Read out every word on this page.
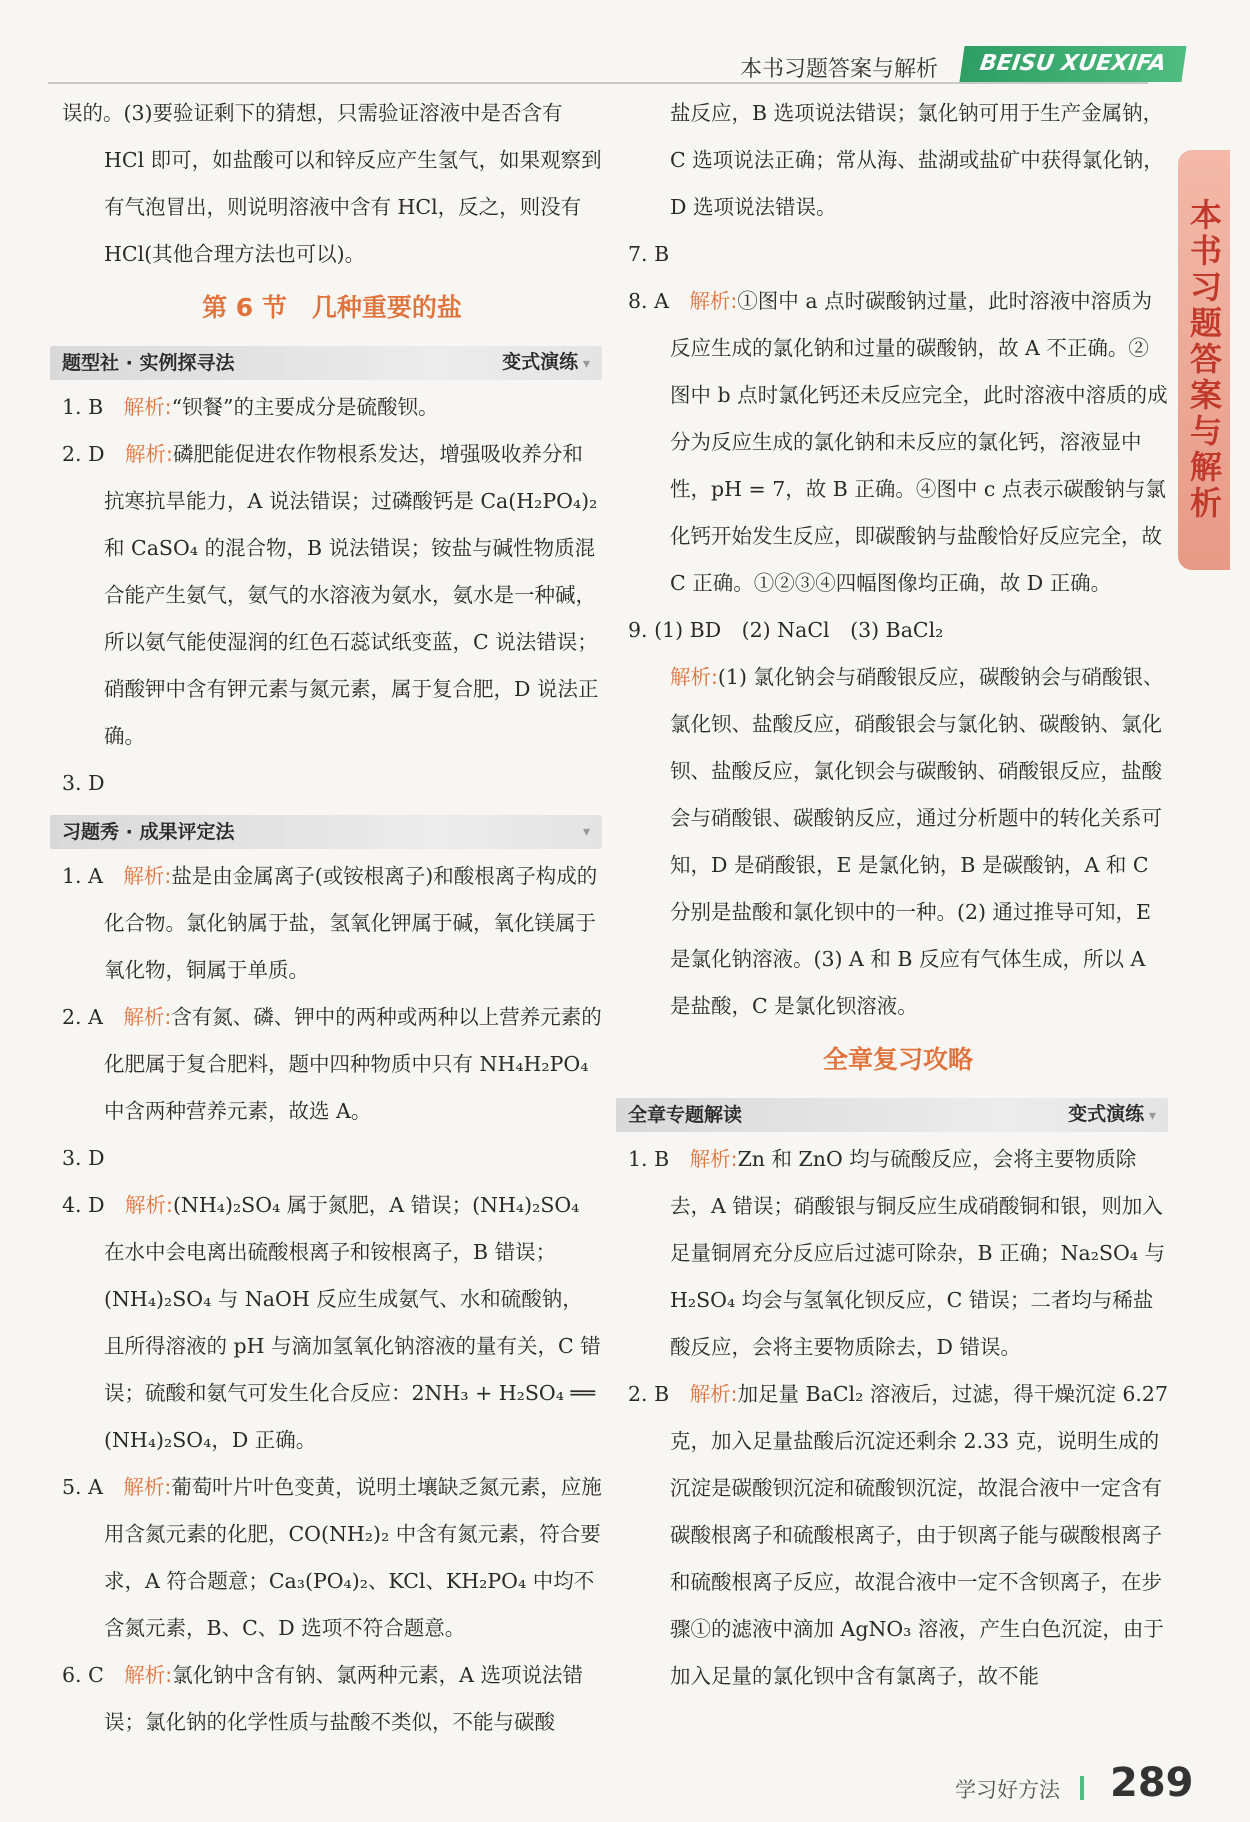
本书习题答案与解析	BEISU XUEXIFA
本书习题答案与解析

误的。(3)要验证剩下的猜想，只需验证溶液中是否含有 HCl 即可，如盐酸可以和锌反应产生氢气，如果观察到有气泡冒出，则说明溶液中含有 HCl，反之，则没有 HCl(其他合理方法也可以)。

第 6 节　几种重要的盐
题型社 · 实例探寻法	变式演练 ▾

1. B　 解析:“钡餐”的主要成分是硫酸钡。

2. D　 解析:磷肥能促进农作物根系发达，增强吸收养分和抗寒抗旱能力，A 说法错误；过磷酸钙是 Ca(H₂PO₄)₂ 和 CaSO₄ 的混合物，B 说法错误；铵盐与碱性物质混合能产生氨气，氨气的水溶液为氨水，氨水是一种碱，所以氨气能使湿润的红色石蕊试纸变蓝，C 说法错误；硝酸钾中含有钾元素与氮元素，属于复合肥，D 说法正确。

3. D

习题秀 · 成果评定法	▾

1. A　 解析:盐是由金属离子(或铵根离子)和酸根离子构成的化合物。氯化钠属于盐，氢氧化钾属于碱，氧化镁属于氧化物，铜属于单质。

2. A　 解析:含有氮、磷、钾中的两种或两种以上营养元素的化肥属于复合肥料，题中四种物质中只有 NH₄H₂PO₄ 中含两种营养元素，故选 A。

3. D

4. D　 解析:(NH₄)₂SO₄ 属于氮肥，A 错误；(NH₄)₂SO₄ 在水中会电离出硫酸根离子和铵根离子，B 错误；(NH₄)₂SO₄ 与 NaOH 反应生成氨气、水和硫酸钠，且所得溶液的 pH 与滴加氢氧化钠溶液的量有关，C 错误；硫酸和氨气可发生化合反应：2NH₃ + H₂SO₄ ══ (NH₄)₂SO₄，D 正确。

5. A　 解析:葡萄叶片叶色变黄，说明土壤缺乏氮元素，应施用含氮元素的化肥，CO(NH₂)₂ 中含有氮元素，符合要求，A 符合题意；Ca₃(PO₄)₂、KCl、KH₂PO₄ 中均不含氮元素，B、C、D 选项不符合题意。

6. C　 解析:氯化钠中含有钠、氯两种元素，A 选项说法错误；氯化钠的化学性质与盐酸不类似，不能与碳酸

盐反应，B 选项说法错误；氯化钠可用于生产金属钠，C 选项说法正确；常从海、盐湖或盐矿中获得氯化钠，D 选项说法错误。

7. B

8. A　 解析:①图中 a 点时碳酸钠过量，此时溶液中溶质为反应生成的氯化钠和过量的碳酸钠，故 A 不正确。②图中 b 点时氯化钙还未反应完全，此时溶液中溶质的成分为反应生成的氯化钠和未反应的氯化钙，溶液显中性，pH = 7，故 B 正确。④图中 c 点表示碳酸钠与氯化钙开始发生反应，即碳酸钠与盐酸恰好反应完全，故 C 正确。①②③④四幅图像均正确，故 D 正确。

9. (1) BD　(2) NaCl　(3) BaCl₂

解析:(1) 氯化钠会与硝酸银反应，碳酸钠会与硝酸银、氯化钡、盐酸反应，硝酸银会与氯化钠、碳酸钠、氯化钡、盐酸反应，氯化钡会与碳酸钠、硝酸银反应，盐酸会与硝酸银、碳酸钠反应，通过分析题中的转化关系可知，D 是硝酸银，E 是氯化钠，B 是碳酸钠，A 和 C 分别是盐酸和氯化钡中的一种。(2) 通过推导可知，E 是氯化钠溶液。(3) A 和 B 反应有气体生成，所以 A 是盐酸，C 是氯化钡溶液。

全章复习攻略
全章专题解读	变式演练 ▾

1. B　 解析:Zn 和 ZnO 均与硫酸反应，会将主要物质除去，A 错误；硝酸银与铜反应生成硝酸铜和银，则加入足量铜屑充分反应后过滤可除杂，B 正确；Na₂SO₄ 与 H₂SO₄ 均会与氢氧化钡反应，C 错误；二者均与稀盐酸反应，会将主要物质除去，D 错误。

2. B　 解析:加足量 BaCl₂ 溶液后，过滤，得干燥沉淀 6.27 克，加入足量盐酸后沉淀还剩余 2.33 克，说明生成的沉淀是碳酸钡沉淀和硫酸钡沉淀，故混合液中一定含有碳酸根离子和硫酸根离子，由于钡离子能与碳酸根离子和硫酸根离子反应，故混合液中一定不含钡离子，在步骤①的滤液中滴加 AgNO₃ 溶液，产生白色沉淀，由于加入足量的氯化钡中含有氯离子，故不能

学习好方法 289
